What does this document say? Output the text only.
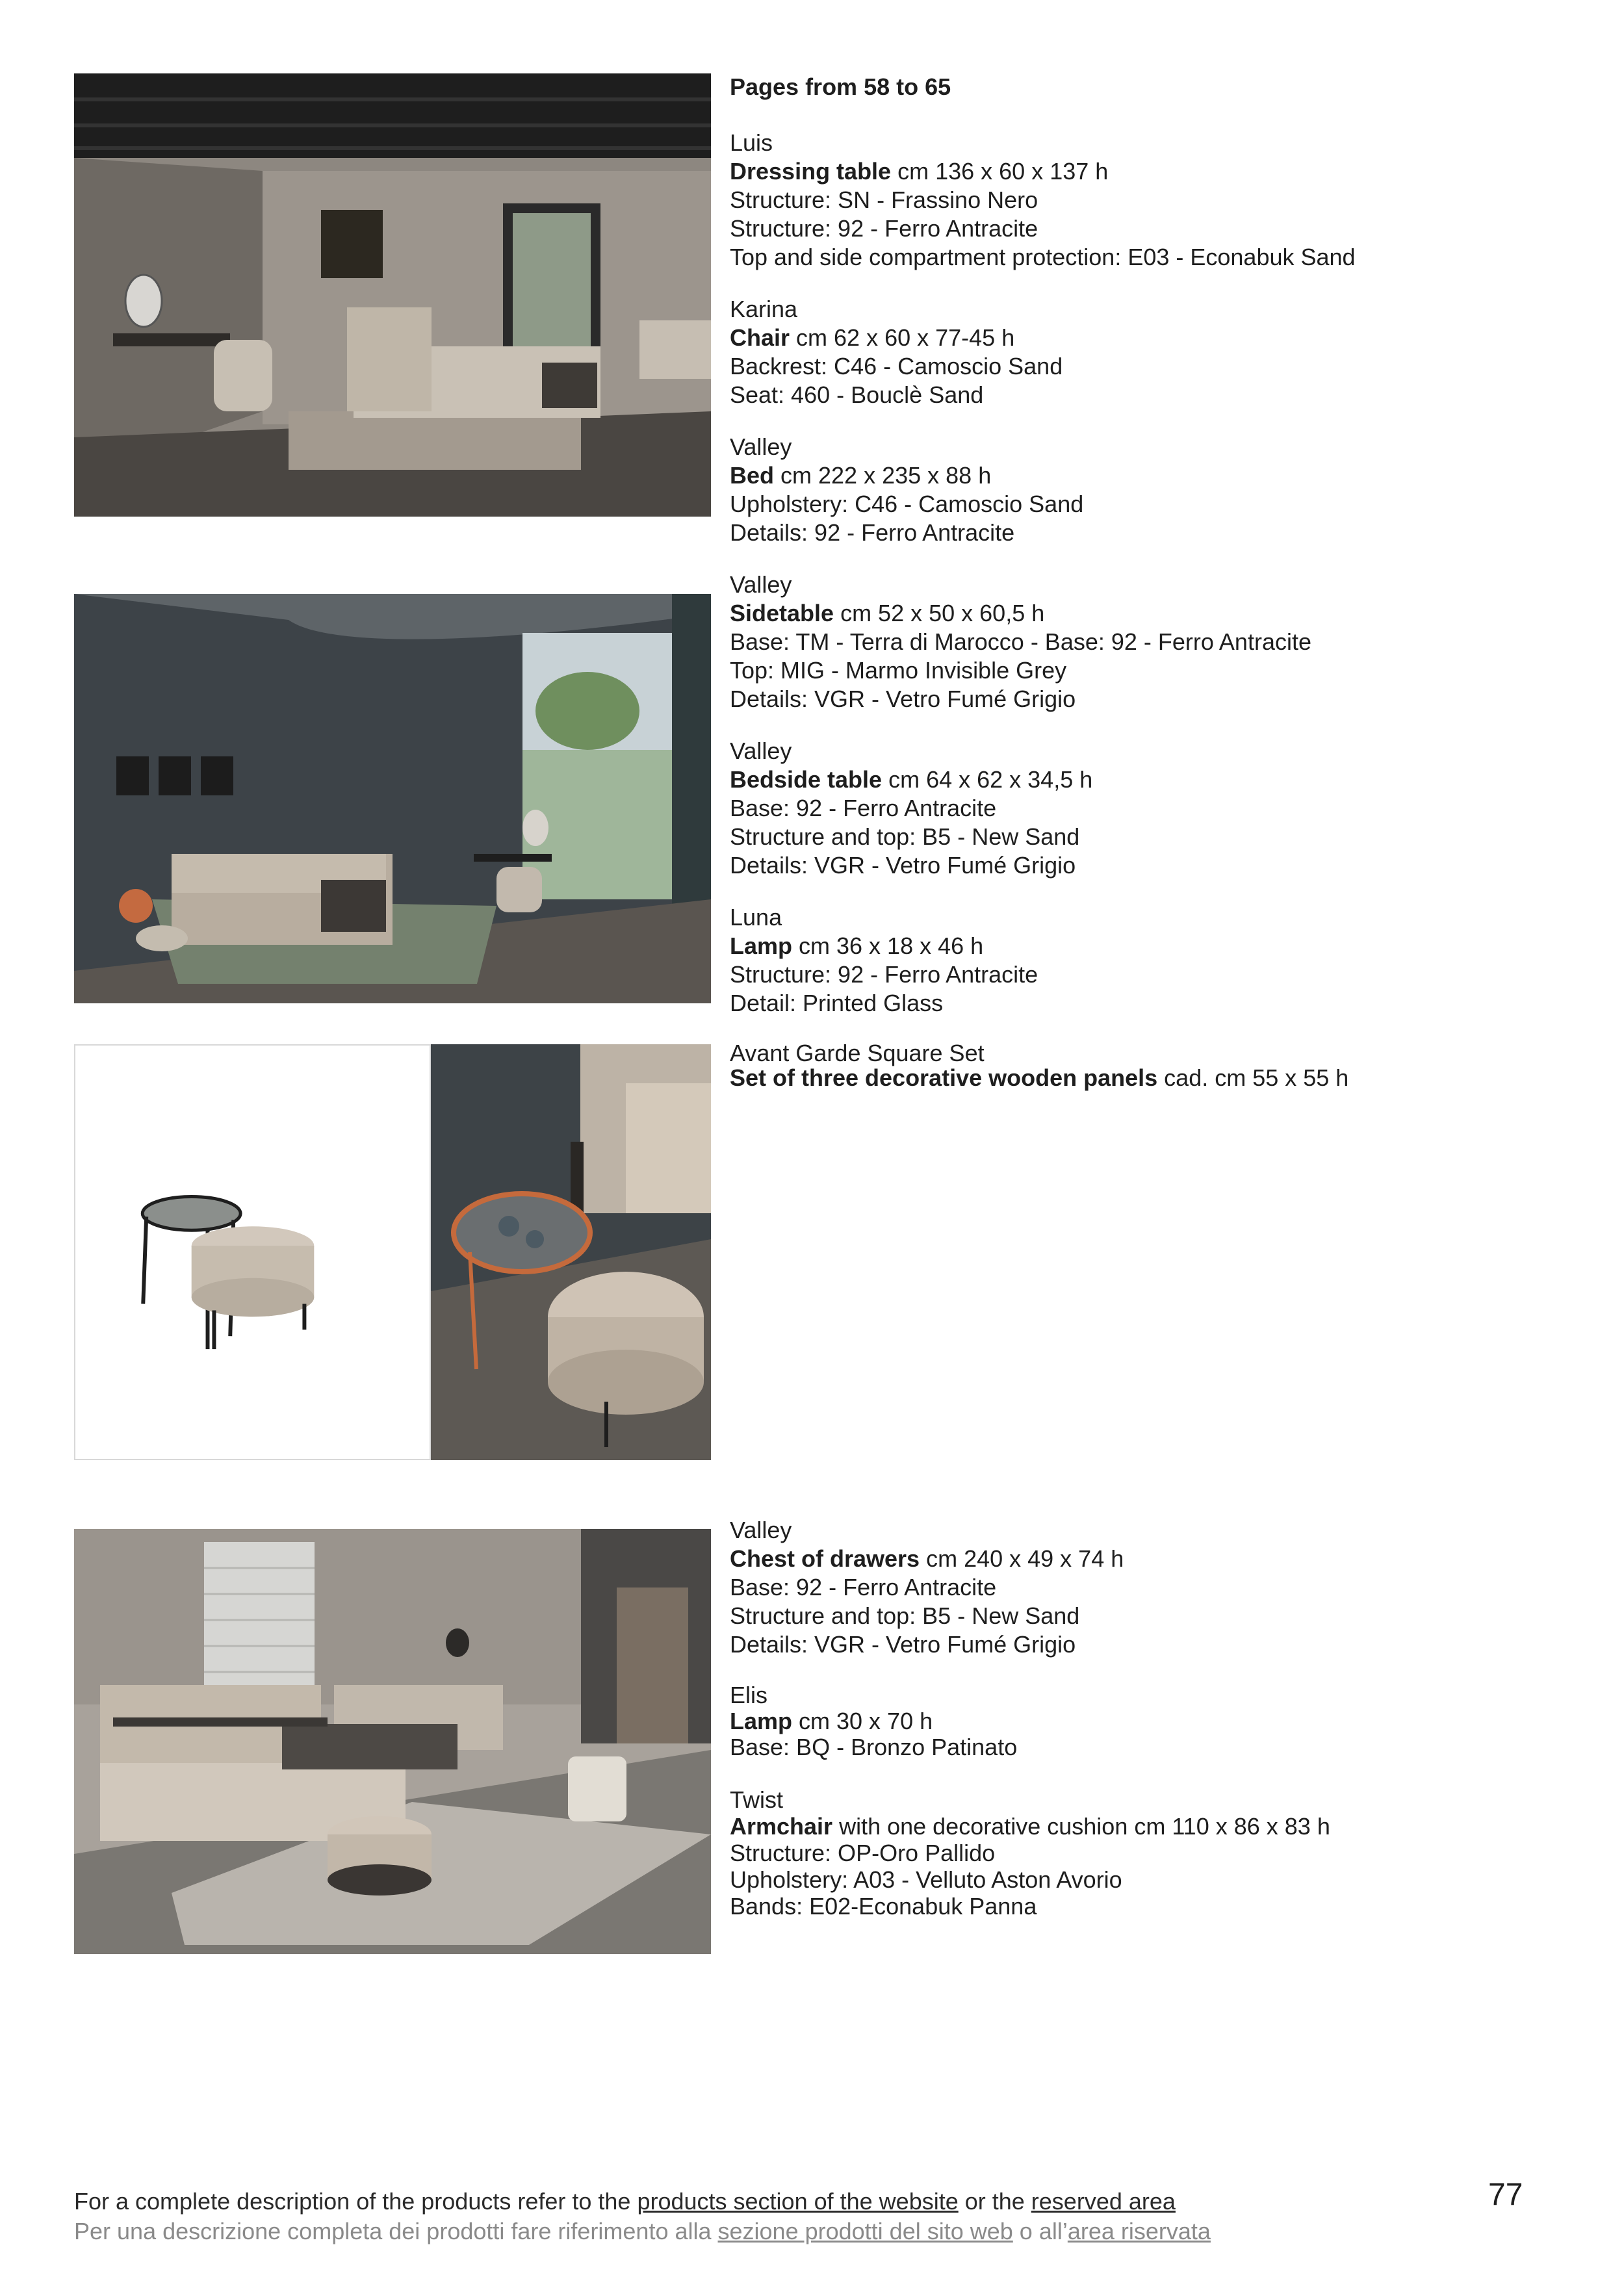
Pages from 58 to 65
Luis
Dressing table cm 136 x 60 x 137 h
Structure: SN - Frassino Nero
Structure: 92 - Ferro Antracite
Top and side compartment protection: E03 - Econabuk Sand
Karina
Chair cm 62 x 60 x 77-45 h
Backrest: C46 - Camoscio Sand
Seat: 460 - Bouclè Sand
Valley
Bed cm 222 x 235 x 88 h
Upholstery: C46 - Camoscio Sand
Details: 92 - Ferro Antracite
Valley
Sidetable cm 52 x 50 x 60,5 h
Base: TM - Terra di Marocco - Base: 92 - Ferro Antracite
Top: MIG - Marmo Invisible Grey
Details: VGR - Vetro Fumé Grigio
Valley
Bedside table cm 64 x 62 x 34,5 h
Base: 92 - Ferro Antracite
Structure and top: B5 - New Sand
Details: VGR - Vetro Fumé Grigio
Luna
Lamp cm 36 x 18 x 46 h
Structure: 92 - Ferro Antracite
Detail: Printed Glass
Avant Garde Square Set
Set of three decorative wooden panels cad. cm 55 x 55 h
Valley
Chest of drawers cm 240 x 49 x 74 h
Base: 92 - Ferro Antracite
Structure and top: B5 - New Sand
Details: VGR - Vetro Fumé Grigio
Elis
Lamp cm 30 x 70 h
Base: BQ - Bronzo Patinato
Twist
Armchair with one decorative cushion cm 110 x 86 x 83 h
Structure: OP-Oro Pallido
Upholstery: A03 - Velluto Aston Avorio
Bands: E02-Econabuk Panna
For a complete description of the products refer to the products section of the website or the reserved area
Per una descrizione completa dei prodotti fare riferimento alla sezione prodotti del sito web o all’area riservata
77
